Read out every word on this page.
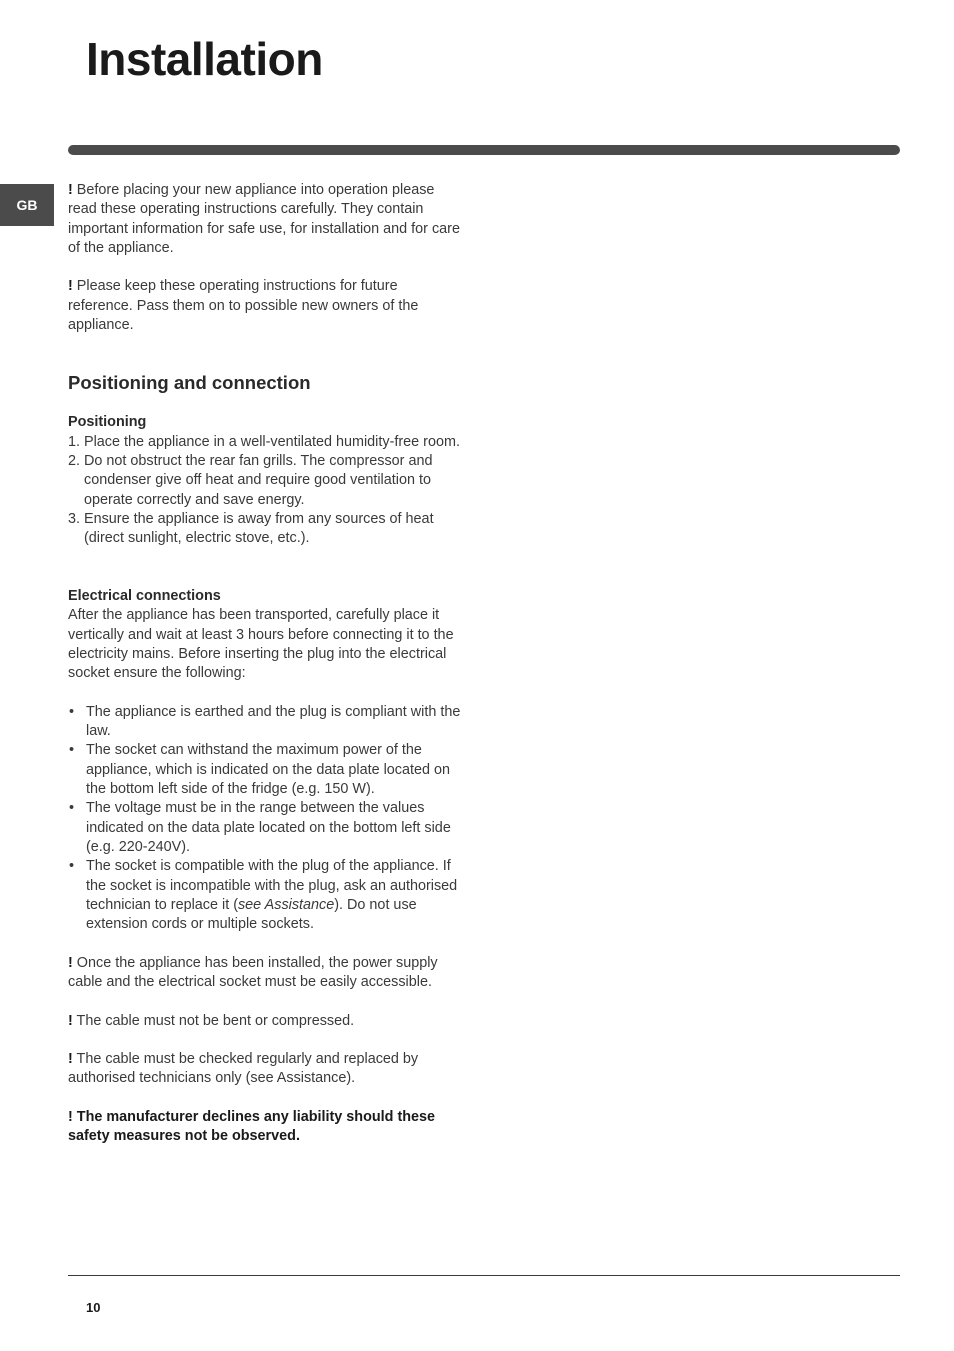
Installation
GB

! Before placing your new appliance into operation please read these operating instructions carefully. They contain important information for safe use, for installation and for care of the appliance.

! Please keep these operating instructions for future reference. Pass them on to possible new owners of the appliance.

Positioning and connection

Positioning

1. Place the appliance in a well-ventilated humidity-free room.
2. Do not obstruct the rear fan grills. The compressor and condenser give off heat and require good ventilation to operate correctly and save energy.
3. Ensure the appliance is away from any sources of heat (direct sunlight, electric stove, etc.).

Electrical connections

After the appliance has been transported, carefully place it vertically and wait at least 3 hours before connecting it to the electricity mains. Before inserting the plug into the electrical socket ensure the following:

• The appliance is earthed and the plug is compliant with the law.
• The socket can withstand the maximum power of the appliance, which is indicated on the data plate located on the bottom left side of the fridge (e.g. 150 W).
• The voltage must be in the range between the values indicated on the data plate located on the bottom left side (e.g. 220-240V).
• The socket is compatible with the plug of the appliance. If the socket is incompatible with the plug, ask an authorised technician to replace it (see Assistance). Do not use extension cords or multiple sockets.

! Once the appliance has been installed, the power supply cable and the electrical socket must be easily accessible.

! The cable must not be bent or compressed.

! The cable must be checked regularly and replaced by authorised technicians only (see Assistance).

! The manufacturer declines any liability should these safety measures not be observed.

10
